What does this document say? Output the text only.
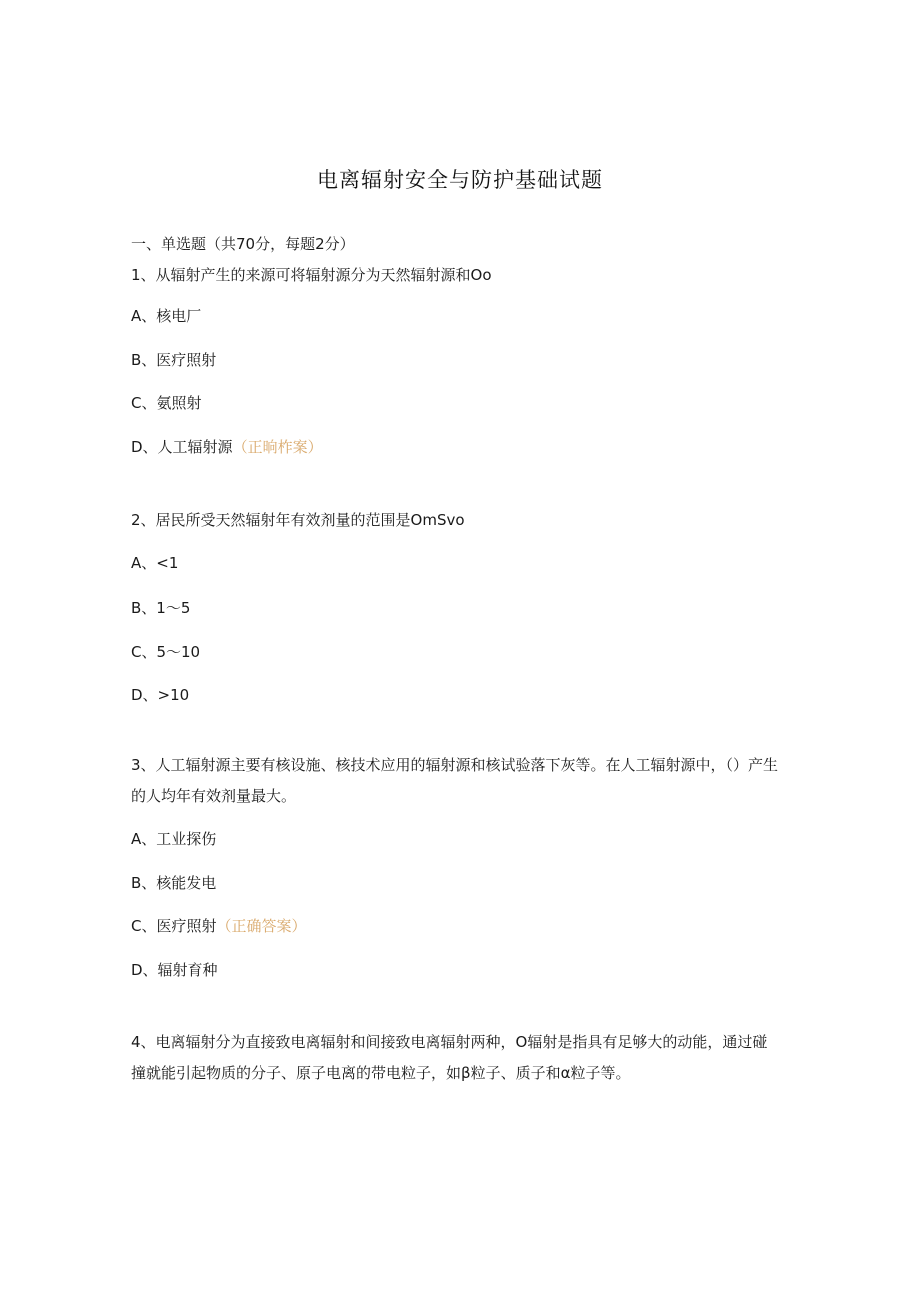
电离辐射安全与防护基础试题
一、单选题（共70分，每题2分）
1、从辐射产生的来源可将辐射源分为天然辐射源和Oo
A、核电厂
B、医疗照射
C、氨照射
D、人工辐射源（正晌柞案）
2、居民所受天然辐射年有效剂量的范围是OmSvo
A、<1
B、1～5
C、5～10
D、>10
3、人工辐射源主要有核设施、核技术应用的辐射源和核试验落下灰等。在人工辐射源中，（）产生的人均年有效剂量最大。
A、工业探伤
B、核能发电
C、医疗照射（正确答案）
D、辐射育种
4、电离辐射分为直接致电离辐射和间接致电离辐射两种，O辐射是指具有足够大的动能，通过碰撞就能引起物质的分子、原子电离的带电粒子，如β粒子、质子和α粒子等。
